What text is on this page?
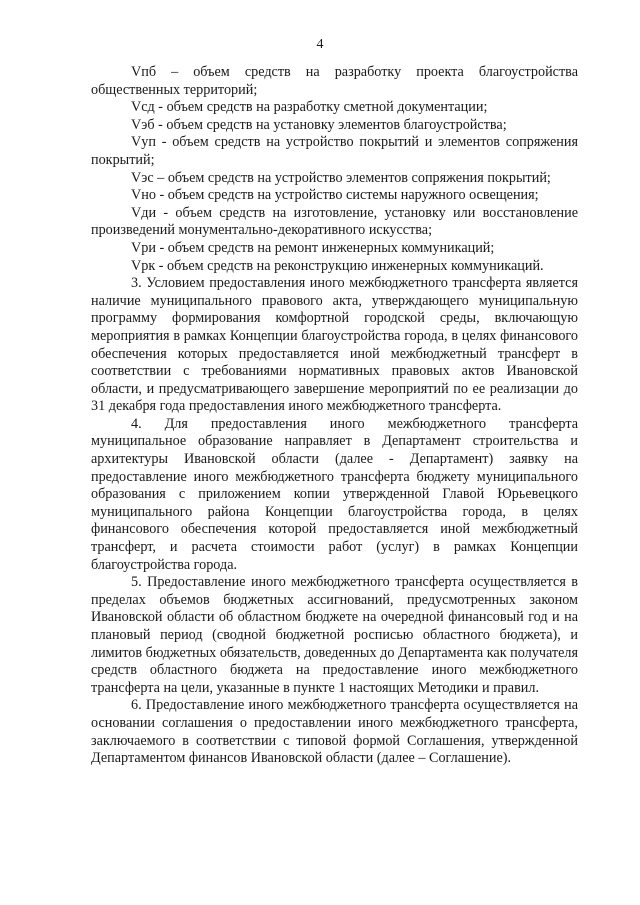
4

Vпб – объем средств на разработку проекта благоустройства общественных территорий;

Vсд - объем средств на разработку сметной документации;

Vэб - объем средств на установку элементов благоустройства;

Vуп - объем средств на устройство покрытий и элементов сопряжения покрытий;

Vэс – объем средств на устройство элементов сопряжения покрытий;

Vно - объем средств на устройство системы наружного освещения;

Vди - объем средств на изготовление, установку или восстановление произведений монументально-декоративного искусства;

Vри - объем средств на ремонт инженерных коммуникаций;

Vрк - объем средств на реконструкцию инженерных коммуникаций.

3. Условием предоставления иного межбюджетного трансферта является наличие муниципального правового акта, утверждающего муниципальную программу формирования комфортной городской среды, включающую мероприятия в рамках Концепции благоустройства города, в целях финансового обеспечения которых предоставляется иной межбюджетный трансферт в соответствии с требованиями нормативных правовых актов Ивановской области, и предусматривающего завершение мероприятий по ее реализации до 31 декабря года предоставления иного межбюджетного трансферта.

4. Для предоставления иного межбюджетного трансферта муниципальное образование направляет в Департамент строительства и архитектуры Ивановской области (далее - Департамент) заявку на предоставление иного межбюджетного трансферта бюджету муниципального образования с приложением копии утвержденной Главой Юрьевецкого муниципального района Концепции благоустройства города, в целях финансового обеспечения которой предоставляется иной межбюджетный трансферт, и расчета стоимости работ (услуг) в рамках Концепции благоустройства города.

5. Предоставление иного межбюджетного трансферта осуществляется в пределах объемов бюджетных ассигнований, предусмотренных законом Ивановской области об областном бюджете на очередной финансовый год и на плановый период (сводной бюджетной росписью областного бюджета), и лимитов бюджетных обязательств, доведенных до Департамента как получателя средств областного бюджета на предоставление иного межбюджетного трансферта на цели, указанные в пункте 1 настоящих Методики и правил.

6. Предоставление иного межбюджетного трансферта осуществляется на основании соглашения о предоставлении иного межбюджетного трансферта, заключаемого в соответствии с типовой формой Соглашения, утвержденной Департаментом финансов Ивановской области (далее – Соглашение).
